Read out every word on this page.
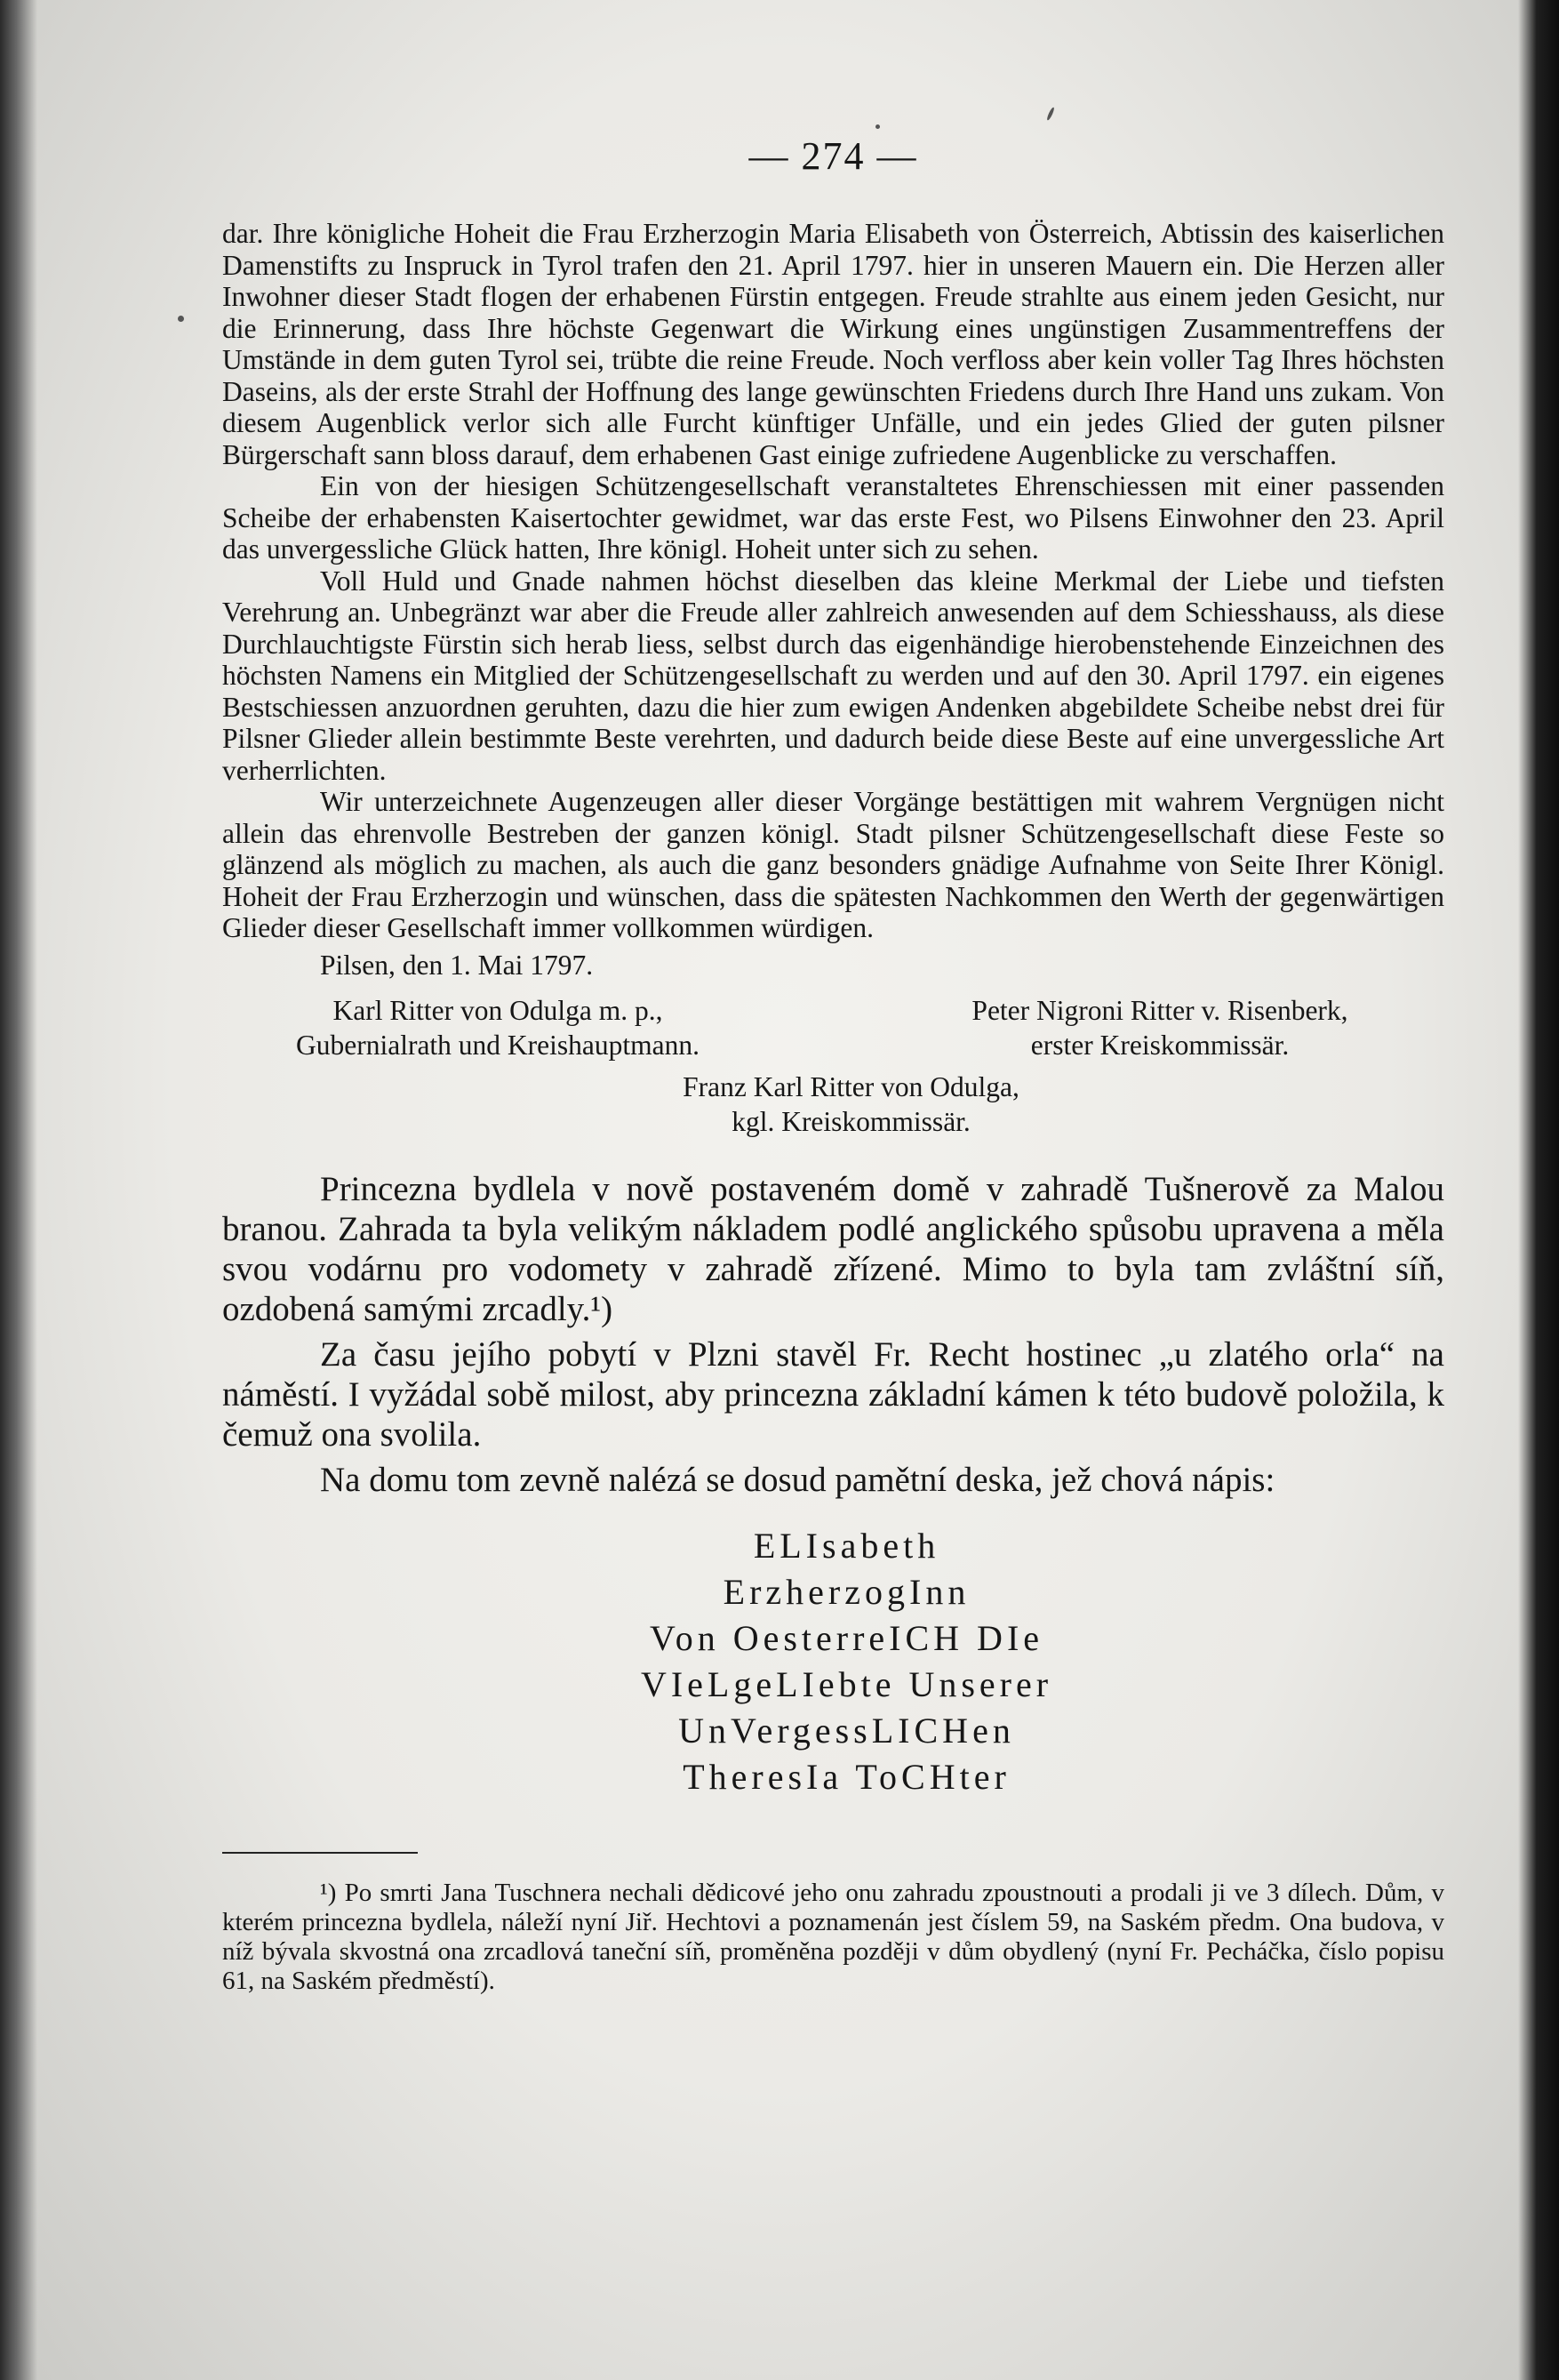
— 274 —

dar. Ihre königliche Hoheit die Frau Erzherzogin Maria Elisabeth von Österreich, Abtissin des kaiserlichen Damenstifts zu Inspruck in Tyrol trafen den 21. April 1797. hier in unseren Mauern ein. Die Herzen aller Inwohner dieser Stadt flogen der erhabenen Fürstin entgegen. Freude strahlte aus einem jeden Gesicht, nur die Erinnerung, dass Ihre höchste Gegenwart die Wirkung eines ungünstigen Zusammentreffens der Umstände in dem guten Tyrol sei, trübte die reine Freude. Noch verfloss aber kein voller Tag Ihres höchsten Daseins, als der erste Strahl der Hoffnung des lange gewünschten Friedens durch Ihre Hand uns zukam. Von diesem Augenblick verlor sich alle Furcht künftiger Unfälle, und ein jedes Glied der guten pilsner Bürgerschaft sann bloss darauf, dem erhabenen Gast einige zufriedene Augenblicke zu verschaffen.

Ein von der hiesigen Schützengesellschaft veranstaltetes Ehrenschiessen mit einer passenden Scheibe der erhabensten Kaisertochter gewidmet, war das erste Fest, wo Pilsens Einwohner den 23. April das unvergessliche Glück hatten, Ihre königl. Hoheit unter sich zu sehen.

Voll Huld und Gnade nahmen höchst dieselben das kleine Merkmal der Liebe und tiefsten Verehrung an. Unbegränzt war aber die Freude aller zahlreich anwesenden auf dem Schiesshauss, als diese Durchlauchtigste Fürstin sich herab liess, selbst durch das eigenhändige hierobenstehende Einzeichnen des höchsten Namens ein Mitglied der Schützengesellschaft zu werden und auf den 30. April 1797. ein eigenes Bestschiessen anzuordnen geruhten, dazu die hier zum ewigen Andenken abgebildete Scheibe nebst drei für Pilsner Glieder allein bestimmte Beste verehrten, und dadurch beide diese Beste auf eine unvergessliche Art verherrlichten.

Wir unterzeichnete Augenzeugen aller dieser Vorgänge bestättigen mit wahrem Vergnügen nicht allein das ehrenvolle Bestreben der ganzen königl. Stadt pilsner Schützengesellschaft diese Feste so glänzend als möglich zu machen, als auch die ganz besonders gnädige Aufnahme von Seite Ihrer Königl. Hoheit der Frau Erzherzogin und wünschen, dass die spätesten Nachkommen den Werth der gegenwärtigen Glieder dieser Gesellschaft immer vollkommen würdigen.

Pilsen, den 1. Mai 1797.
Karl Ritter von Odulga m. p.,
Gubernialrath und Kreishauptmann.
Peter Nigroni Ritter v. Risenberk,
erster Kreiskommissär.
Franz Karl Ritter von Odulga,
kgl. Kreiskommissär.

Princezna bydlela v nově postaveném domě v zahradě Tušnerově za Malou branou. Zahrada ta byla velikým nákladem podlé anglického spůsobu upravena a měla svou vodárnu pro vodomety v zahradě zřízené. Mimo to byla tam zvláštní síň, ozdobená samými zrcadly.¹)

Za času jejího pobytí v Plzni stavěl Fr. Recht hostinec „u zlatého orla“ na náměstí. I vyžádal sobě milost, aby princezna základní kámen k této budově položila, k čemuž ona svolila.

Na domu tom zevně nalézá se dosud pamětní deska, jež chová nápis:

ELIsabeth
ErzherzogInn
Von OesterreICH DIe
VIeLgeLIebte Unserer
UnVergessLICHen
TheresIa ToCHter

¹) Po smrti Jana Tuschnera nechali dědicové jeho onu zahradu zpoustnouti a prodali ji ve 3 dílech. Dům, v kterém princezna bydlela, náleží nyní Jiř. Hechtovi a poznamenán jest číslem 59, na Saském předm. Ona budova, v níž bývala skvostná ona zrcadlová taneční síň, proměněna později v dům obydlený (nyní Fr. Pecháčka, číslo popisu 61, na Saském předměstí).
